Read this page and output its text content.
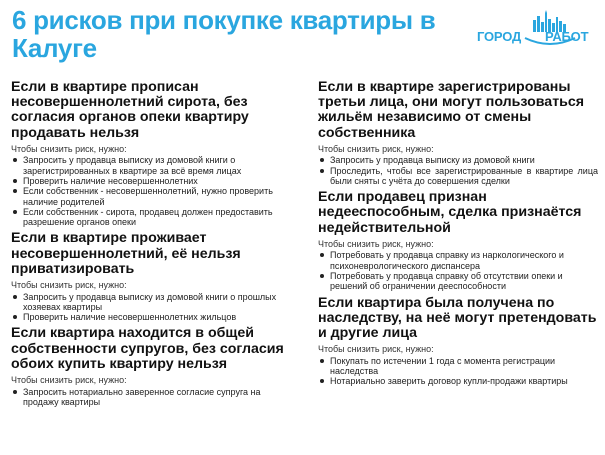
6 рисков при покупке квартиры в Калуге	ГОРОД РАБОТ
Если в квартире прописан несовершеннолетний сирота, без согласия органов опеки квартиру продавать нельзя
Чтобы снизить риск, нужно:
Запросить у продавца выписку из домовой книги о зарегистрированных в квартире за всё время лицах
Проверить наличие несовершеннолетних
Если собственник - несовершеннолетний, нужно проверить наличие родителей
Если собственник - сирота, продавец должен предоставить разрешение органов опеки
Если в квартире проживает несовершеннолетний, её нельзя приватизировать
Чтобы снизить риск, нужно:
Запросить у продавца выписку из домовой книги о прошлых хозяевах квартиры
Проверить наличие несовершеннолетних жильцов
Если квартира находится в общей собственности супругов, без согласия обоих купить квартиру нельзя
Чтобы снизить риск, нужно:
Запросить нотариально заверенное согласие супруга на продажу квартиры
Если в квартире зарегистрированы третьи лица, они могут пользоваться жильём независимо от смены собственника
Чтобы снизить риск, нужно:
Запросить у продавца выписку из домовой книги
Проследить, чтобы все зарегистрированные в квартире лица были сняты с учёта до совершения сделки
Если продавец признан недееспособным, сделка признаётся недействительной
Чтобы снизить риск, нужно:
Потребовать у продавца справку из наркологического и психоневрологического диспансера
Потребовать у продавца справку об отсутствии опеки и решений об ограничении дееспособности
Если квартира была получена по наследству, на неё могут претендовать и другие лица
Чтобы снизить риск, нужно:
Покупать по истечении 1 года с момента регистрации наследства
Нотариально заверить договор купли-продажи квартиры
